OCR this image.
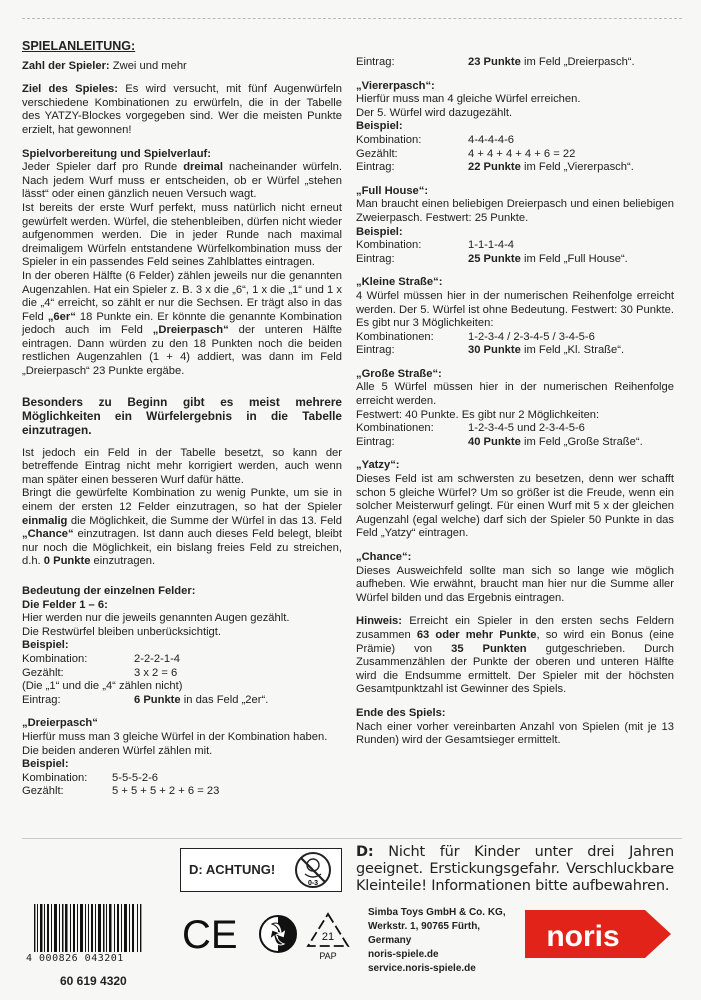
SPIELANLEITUNG:
Zahl der Spieler: Zwei und mehr
Ziel des Spieles: Es wird versucht, mit fünf Augenwürfeln verschiedene Kombinationen zu erwürfeln, die in der Tabelle des YATZY-Blockes vorgegeben sind. Wer die meisten Punkte erzielt, hat gewonnen!
Spielvorbereitung und Spielverlauf:
Jeder Spieler darf pro Runde dreimal nacheinander würfeln. Nach jedem Wurf muss er entscheiden, ob er Würfel „stehen lässt“ oder einen gänzlich neuen Versuch wagt.
Ist bereits der erste Wurf perfekt, muss natürlich nicht erneut gewürfelt werden. Würfel, die stehenbleiben, dürfen nicht wieder aufgenommen werden. Die in jeder Runde nach maximal dreimaligem Würfeln entstandene Würfelkombination muss der Spieler in ein passendes Feld seines Zahlblattes eintragen.
In der oberen Hälfte (6 Felder) zählen jeweils nur die genannten Augenzahlen. Hat ein Spieler z. B. 3 x die „6“, 1 x die „1“ und 1 x die „4“ erreicht, so zählt er nur die Sechsen. Er trägt also in das Feld „6er“ 18 Punkte ein. Er könnte die genannte Kombination jedoch auch im Feld „Dreierpasch“ der unteren Hälfte eintragen. Dann würden zu den 18 Punkten noch die beiden restlichen Augenzahlen (1 + 4) addiert, was dann im Feld „Dreierpasch“ 23 Punkte ergäbe.
Besonders zu Beginn gibt es meist mehrere Möglichkeiten ein Würfelergebnis in die Tabelle einzutragen.
Ist jedoch ein Feld in der Tabelle besetzt, so kann der betreffende Eintrag nicht mehr korrigiert werden, auch wenn man später einen besseren Wurf dafür hätte.
Bringt die gewürfelte Kombination zu wenig Punkte, um sie in einem der ersten 12 Felder einzutragen, so hat der Spieler einmalig die Möglichkeit, die Summe der Würfel in das 13. Feld „Chance“ einzutragen. Ist dann auch dieses Feld belegt, bleibt nur noch die Möglichkeit, ein bislang freies Feld zu streichen, d.h. 0 Punkte einzutragen.
Bedeutung der einzelnen Felder:
Die Felder 1 – 6:
Hier werden nur die jeweils genannten Augen gezählt.
Die Restwürfel bleiben unberücksichtigt.
Beispiel:
Kombination:	2-2-2-1-4
Gezählt:	3 x 2 = 6
(Die „1“ und die „4“ zählen nicht)
Eintrag:	6 Punkte in das Feld „2er“.
„Dreierpasch“
Hierfür muss man 3 gleiche Würfel in der Kombination haben.
Die beiden anderen Würfel zählen mit.
Beispiel:
Kombination:	5-5-5-2-6
Gezählt:	5 + 5 + 5 + 2 + 6 = 23
Eintrag:	23 Punkte im Feld „Dreierpasch“.
„Viererpasch“:
Hierfür muss man 4 gleiche Würfel erreichen.
Der 5. Würfel wird dazugezählt.
Beispiel:
Kombination:	4-4-4-4-6
Gezählt:	4 + 4 + 4 + 4 + 6 = 22
Eintrag:	22 Punkte im Feld „Viererpasch“.
„Full House“:
Man braucht einen beliebigen Dreierpasch und einen beliebigen Zweierpasch. Festwert: 25 Punkte.
Beispiel:
Kombination:	1-1-1-4-4
Eintrag:	25 Punkte im Feld „Full House“.
„Kleine Straße“:
4 Würfel müssen hier in der numerischen Reihenfolge erreicht werden. Der 5. Würfel ist ohne Bedeutung. Festwert: 30 Punkte. Es gibt nur 3 Möglichkeiten:
Kombinationen:	1-2-3-4 / 2-3-4-5 / 3-4-5-6
Eintrag:	30 Punkte im Feld „Kl. Straße“.
„Große Straße“:
Alle 5 Würfel müssen hier in der numerischen Reihenfolge erreicht werden.
Festwert: 40 Punkte. Es gibt nur 2 Möglichkeiten:
Kombinationen:	1-2-3-4-5 und 2-3-4-5-6
Eintrag:	40 Punkte im Feld „Große Straße“.
„Yatzy“:
Dieses Feld ist am schwersten zu besetzen, denn wer schafft schon 5 gleiche Würfel? Um so größer ist die Freude, wenn ein solcher Meisterwurf gelingt. Für einen Wurf mit 5 x der gleichen Augenzahl (egal welche) darf sich der Spieler 50 Punkte in das Feld „Yatzy“ eintragen.
„Chance“:
Dieses Ausweichfeld sollte man sich so lange wie möglich aufheben. Wie erwähnt, braucht man hier nur die Summe aller Würfel bilden und das Ergebnis eintragen.
Hinweis: Erreicht ein Spieler in den ersten sechs Feldern zusammen 63 oder mehr Punkte, so wird ein Bonus (eine Prämie) von 35 Punkten gutgeschrieben. Durch Zusammenzählen der Punkte der oberen und unteren Hälfte wird die Endsumme ermittelt. Der Spieler mit der höchsten Gesamtpunktzahl ist Gewinner des Spiels.
Ende des Spiels:
Nach einer vorher vereinbarten Anzahl von Spielen (mit je 13 Runden) wird der Gesamtsieger ermittelt.
D: ACHTUNG!
0-3
D: Nicht für Kinder unter drei Jahren geeignet. Erstickungsgefahr. Verschluckbare Kleinteile! Informationen bitte aufbewahren.
4 000826 043201
60 619 4320
CE	21
PAP
Simba Toys GmbH & Co. KG,
Werkstr. 1, 90765 Fürth,
Germany
noris-spiele.de
service.noris-spiele.de
noris
